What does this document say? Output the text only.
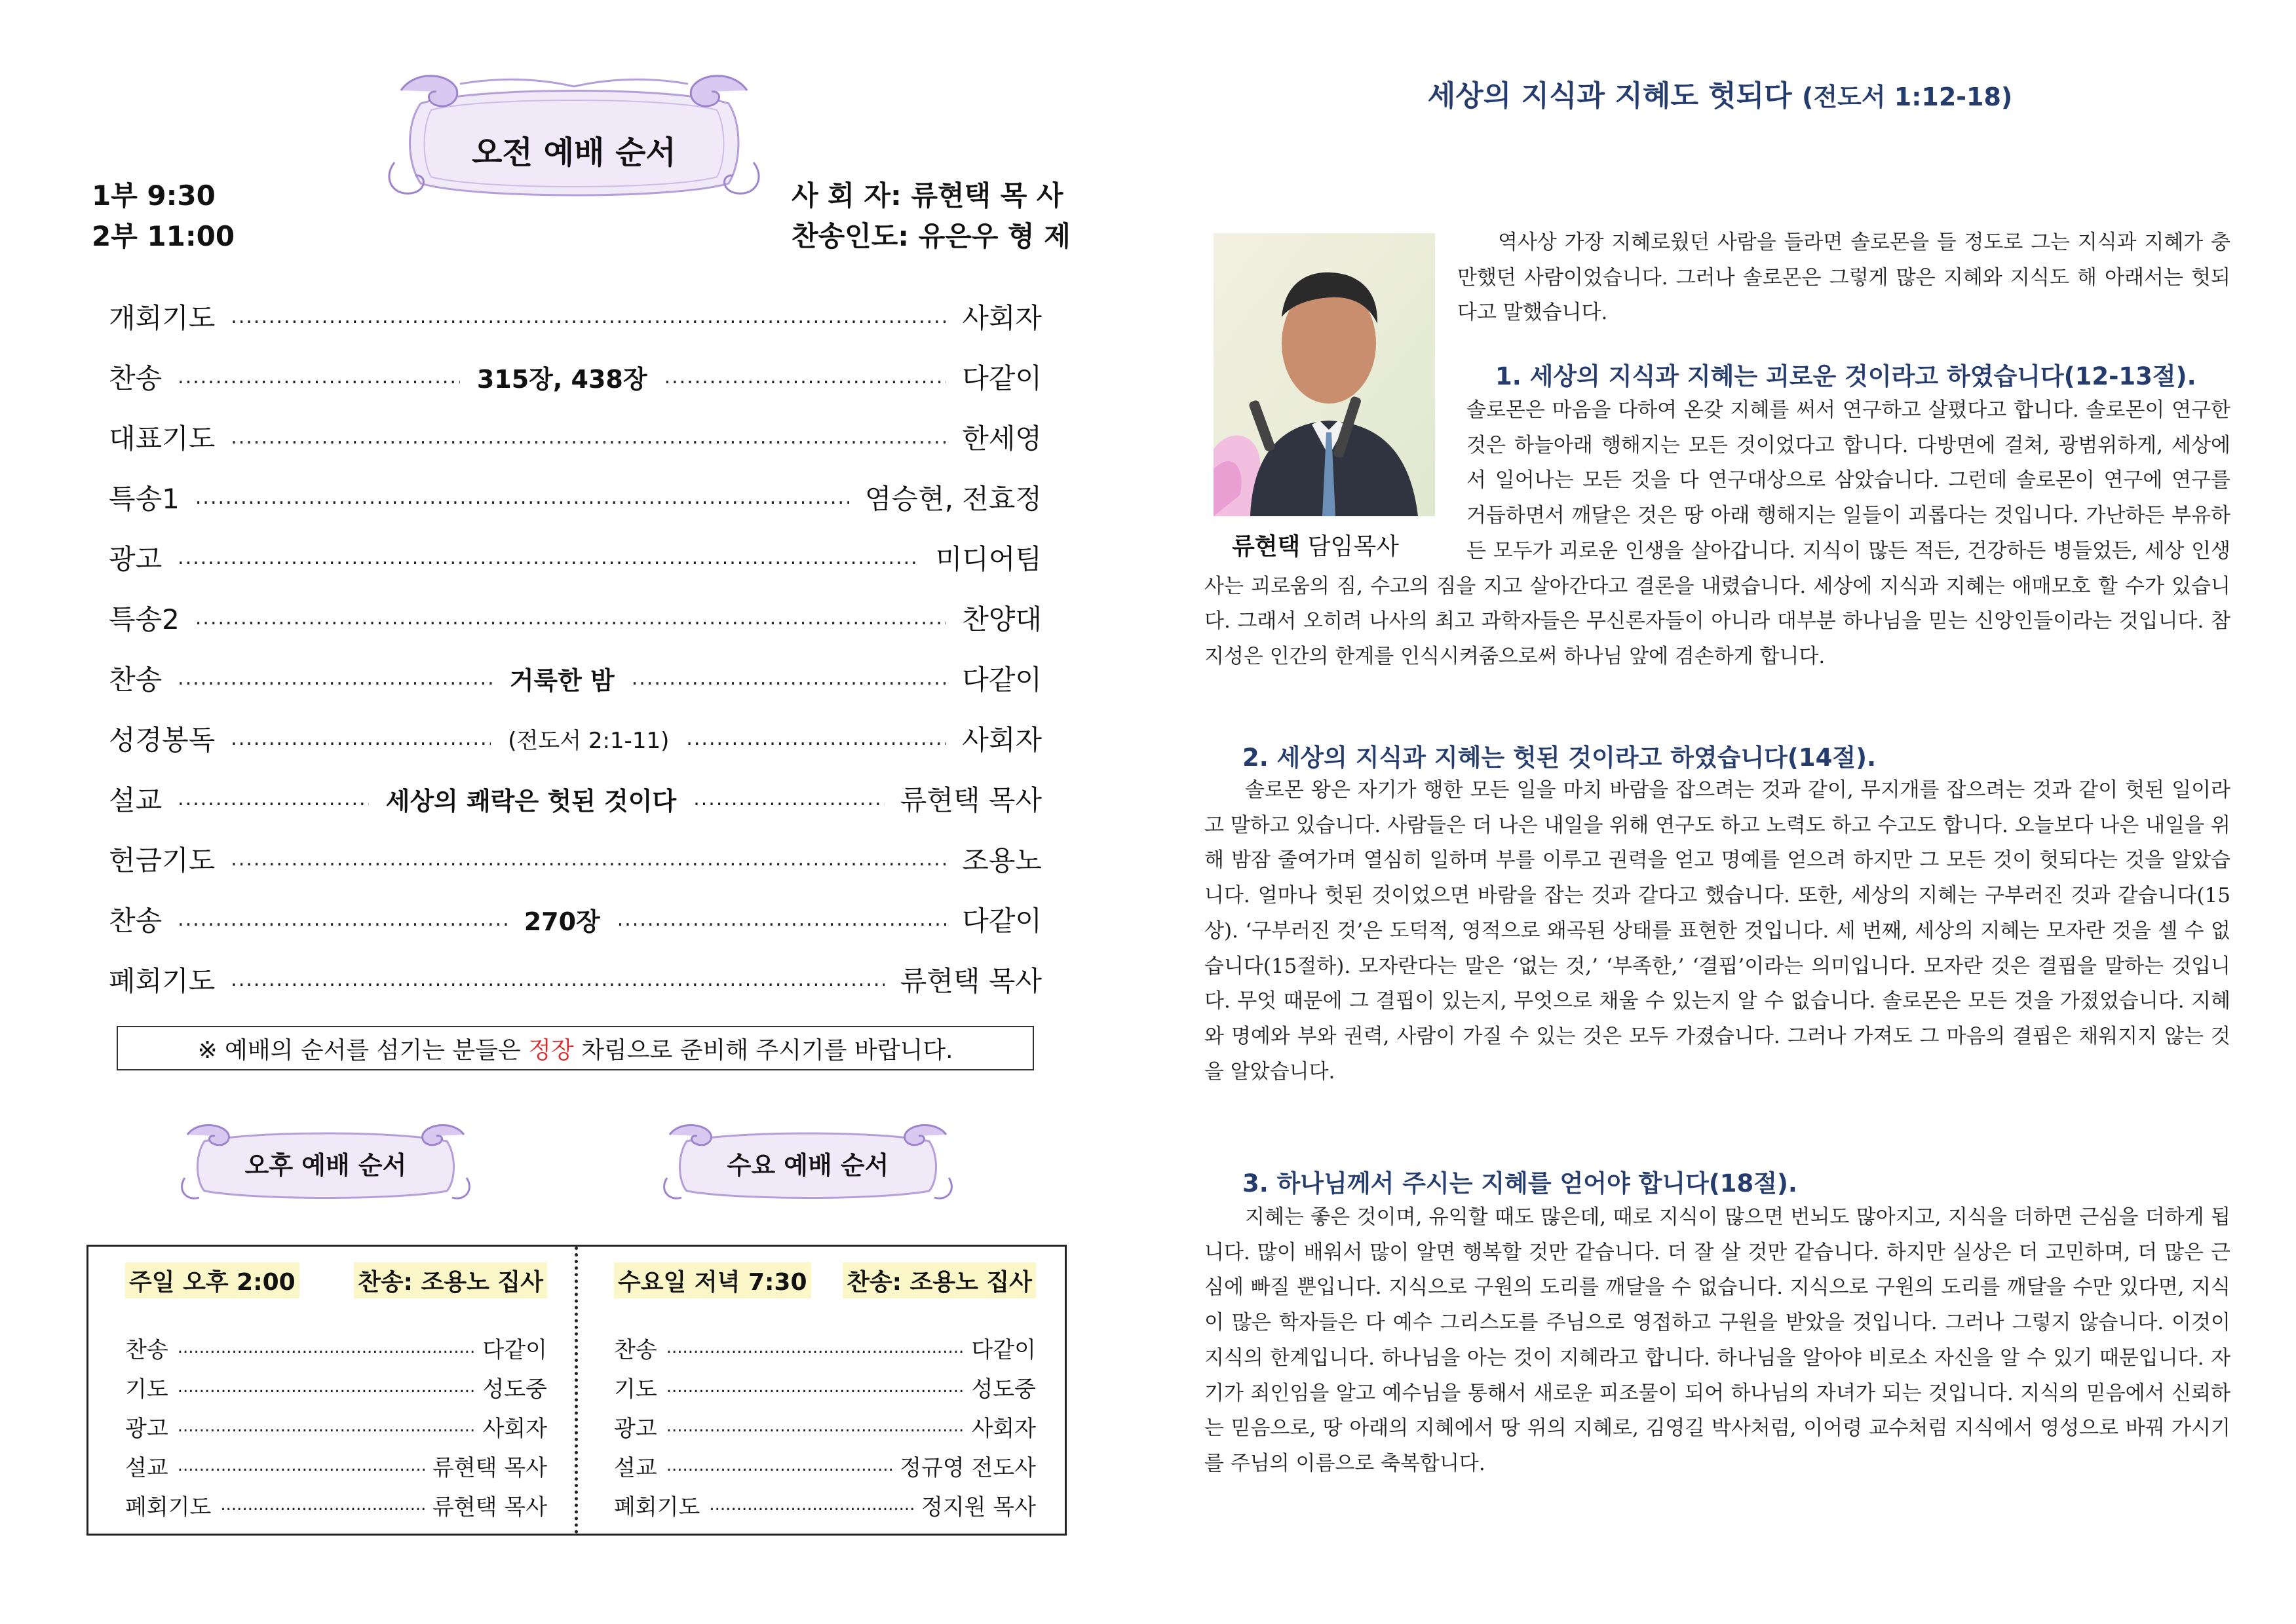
오전 예배 순서
1부 9:30
2부 11:00
사 회 자: 류현택 목 사
찬송인도: 유은우 형 제
개회기도 .....	사회자
찬송 .....	315장, 438장 .....	다같이
대표기도 .....	한세영
특송1 .....	염승현, 전효정
광고 .....	미디어팀
특송2 .....	찬양대
찬송 .....	거룩한 밤 .....	다같이
성경봉독 .....	(전도서 2:1-11) .....	사회자
설교 .....	세상의 쾌락은 헛된 것이다 .....	류현택 목사
헌금기도 .....	조용노
찬송 .....	270장 .....	다같이
폐회기도 .....	류현택 목사
※ 예배의 순서를 섬기는 분들은 정장 차림으로 준비해 주시기를 바랍니다.
오후 예배 순서	수요 예배 순서
주일 오후 2:00	찬송: 조용노 집사
찬송 .....	다같이
기도 .....	성도중
광고 .....	사회자
설교 .....	류현택 목사
폐회기도 .....	류현택 목사
수요일 저녁 7:30 찬송: 조용노 집사
찬송 .....	다같이
기도 .....	성도중
광고 .....	사회자
설교 .....	정규영 전도사
폐회기도 .....	정지원 목사
세상의 지식과 지혜도 헛되다 (전도서 1:12-18)
류현택 담임목사
역사상 가장 지혜로웠던 사람을 들라면 솔로몬을 들 정도로 그는 지식과 지혜가 충만했던 사람이었습니다. 그러나 솔로몬은 그렇게 많은 지혜와 지식도 해 아래서는 헛되다고 말했습니다.
1. 세상의 지식과 지혜는 괴로운 것이라고 하였습니다(12-13절).
솔로몬은 마음을 다하여 온갖 지혜를 써서 연구하고 살폈다고 합니다. 솔로몬이 연구한 것은 하늘아래 행해지는 모든 것이었다고 합니다. 다방면에 걸쳐, 광범위하게, 세상에서 일어나는 모든 것을 다 연구대상으로 삼았습니다. 그런데 솔로몬이 연구에 연구를 거듭하면서 깨달은 것은 땅 아래 행해지는 일들이 괴롭다는 것입니다. 가난하든 부유하든 모두가 괴로운 인생을 살아갑니다. 지식이 많든 적든, 건강하든 병들었든, 세상 인생사는 괴로움의 짐, 수고의 짐을 지고 살아간다고 결론을 내렸습니다. 세상에 지식과 지혜는 애매모호 할 수가 있습니다. 그래서 오히려 나사의 최고 과학자들은 무신론자들이 아니라 대부분 하나님을 믿는 신앙인들이라는 것입니다. 참 지성은 인간의 한계를 인식시켜줌으로써 하나님 앞에 겸손하게 합니다.
2. 세상의 지식과 지혜는 헛된 것이라고 하였습니다(14절).
솔로몬 왕은 자기가 행한 모든 일을 마치 바람을 잡으려는 것과 같이, 무지개를 잡으려는 것과 같이 헛된 일이라고 말하고 있습니다. 사람들은 더 나은 내일을 위해 연구도 하고 노력도 하고 수고도 합니다. 오늘보다 나은 내일을 위해 밤잠 줄여가며 열심히 일하며 부를 이루고 권력을 얻고 명예를 얻으려 하지만 그 모든 것이 헛되다는 것을 알았습니다. 얼마나 헛된 것이었으면 바람을 잡는 것과 같다고 했습니다. 또한, 세상의 지혜는 구부러진 것과 같습니다(15상). ‘구부러진 것’은 도덕적, 영적으로 왜곡된 상태를 표현한 것입니다. 세 번째, 세상의 지혜는 모자란 것을 셀 수 없습니다(15절하). 모자란다는 말은 ‘없는 것,’ ‘부족한,’ ‘결핍’이라는 의미입니다. 모자란 것은 결핍을 말하는 것입니다. 무엇 때문에 그 결핍이 있는지, 무엇으로 채울 수 있는지 알 수 없습니다. 솔로몬은 모든 것을 가졌었습니다. 지혜와 명예와 부와 권력, 사람이 가질 수 있는 것은 모두 가졌습니다. 그러나 가져도 그 마음의 결핍은 채워지지 않는 것을 알았습니다.
3. 하나님께서 주시는 지혜를 얻어야 합니다(18절).
지혜는 좋은 것이며, 유익할 때도 많은데, 때로 지식이 많으면 번뇌도 많아지고, 지식을 더하면 근심을 더하게 됩니다. 많이 배워서 많이 알면 행복할 것만 같습니다. 더 잘 살 것만 같습니다. 하지만 실상은 더 고민하며, 더 많은 근심에 빠질 뿐입니다. 지식으로 구원의 도리를 깨달을 수 없습니다. 지식으로 구원의 도리를 깨달을 수만 있다면, 지식이 많은 학자들은 다 예수 그리스도를 주님으로 영접하고 구원을 받았을 것입니다. 그러나 그렇지 않습니다. 이것이 지식의 한계입니다. 하나님을 아는 것이 지혜라고 합니다. 하나님을 알아야 비로소 자신을 알 수 있기 때문입니다. 자기가 죄인임을 알고 예수님을 통해서 새로운 피조물이 되어 하나님의 자녀가 되는 것입니다. 지식의 믿음에서 신뢰하는 믿음으로, 땅 아래의 지혜에서 땅 위의 지혜로, 김영길 박사처럼, 이어령 교수처럼 지식에서 영성으로 바꿔 가시기를 주님의 이름으로 축복합니다.
